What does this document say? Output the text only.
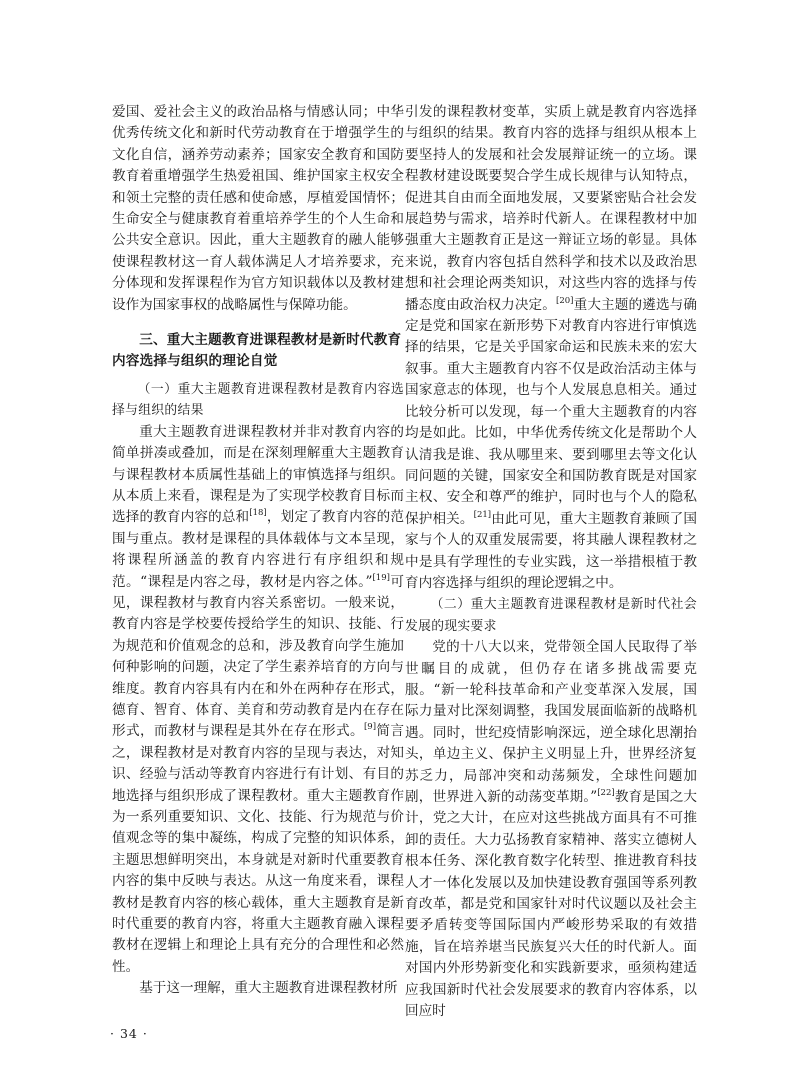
爱国、爱社会主义的政治品格与情感认同；中华优秀传统文化和新时代劳动教育在于增强学生的文化自信，涵养劳动素养；国家安全教育和国防教育着重增强学生热爱祖国、维护国家主权安全和领土完整的责任感和使命感，厚植爱国情怀；生命安全与健康教育着重培养学生的个人生命和公共安全意识。因此，重大主题教育的融人能够使课程教材这一育人载体满足人才培养要求，充分体现和发挥课程作为官方知识载体以及教材建设作为国家事权的战略属性与保障功能。

三、重大主题教育进课程教材是新时代教育内容选择与组织的理论自觉
（一）重大主题教育进课程教材是教育内容选择与组织的结果

重大主题教育进课程教材并非对教育内容的简单拼凑或叠加，而是在深刻理解重大主题教育与课程教材本质属性基础上的审慎选择与组织。从本质上来看，课程是为了实现学校教育目标而选择的教育内容的总和[18]，划定了教育内容的范围与重点。教材是课程的具体载体与文本呈现，将课程所涵盖的教育内容进行有序组织和规范。“课程是内容之母，教材是内容之体。”[19]可见，课程教材与教育内容关系密切。一般来说，教育内容是学校要传授给学生的知识、技能、行为规范和价值观念的总和，涉及教育向学生施加何种影响的问题，决定了学生素养培育的方向与维度。教育内容具有内在和外在两种存在形式，德育、智育、体育、美育和劳动教育是内在存在形式，而教材与课程是其外在存在形式。[9]简言之，课程教材是对教育内容的呈现与表达，对知识、经验与活动等教育内容进行有计划、有目的地选择与组织形成了课程教材。重大主题教育作为一系列重要知识、文化、技能、行为规范与价值观念等的集中凝练，构成了完整的知识体系，主题思想鲜明突出，本身就是对新时代重要教育内容的集中反映与表达。从这一角度来看，课程教材是教育内容的核心载体，重大主题教育是新时代重要的教育内容，将重大主题教育融入课程教材在逻辑上和理论上具有充分的合理性和必然性。

基于这一理解，重大主题教育进课程教材所

引发的课程教材变革，实质上就是教育内容选择与组织的结果。教育内容的选择与组织从根本上要坚持人的发展和社会发展辩证统一的立场。课程教材建设既要契合学生成长规律与认知特点，促进其自由而全面地发展，又要紧密贴合社会发展趋势与需求，培养时代新人。在课程教材中加强重大主题教育正是这一辩证立场的彰显。具体来说，教育内容包括自然科学和技术以及政治思想和社会理论两类知识，对这些内容的选择与传播态度由政治权力决定。[20]重大主题的遴选与确定是党和国家在新形势下对教育内容进行审慎选择的结果，它是关乎国家命运和民族未来的宏大叙事。重大主题教育内容不仅是政治活动主体与国家意志的体现，也与个人发展息息相关。通过比较分析可以发现，每一个重大主题教育的内容均是如此。比如，中华优秀传统文化是帮助个人认清我是谁、我从哪里来、要到哪里去等文化认同问题的关键，国家安全和国防教育既是对国家主权、安全和尊严的维护，同时也与个人的隐私保护相关。[21]由此可见，重大主题教育兼顾了国家与个人的双重发展需要，将其融人课程教材之中是具有学理性的专业实践，这一举措根植于教育内容选择与组织的理论逻辑之中。

（二）重大主题教育进课程教材是新时代社会发展的现实要求

党的十八大以来，党带领全国人民取得了举世瞩目的成就，但仍存在诸多挑战需要克服。“新一轮科技革命和产业变革深入发展，国际力量对比深刻调整，我国发展面临新的战略机遇。同时，世纪疫情影响深远，逆全球化思潮抬头，单边主义、保护主义明显上升，世界经济复苏乏力，局部冲突和动荡频发，全球性问题加剧，世界进入新的动荡变革期。”[22]教育是国之大计，党之大计，在应对这些挑战方面具有不可推卸的责任。大力弘扬教育家精神、落实立德树人根本任务、深化教育数字化转型、推进教育科技人才一体化发展以及加快建设教育强国等系列教育改革，都是党和国家针对时代议题以及社会主要矛盾转变等国际国内严峻形势采取的有效措施，旨在培养堪当民族复兴大任的时代新人。面对国内外形势新变化和实践新要求，亟须构建适应我国新时代社会发展要求的教育内容体系，以回应时

· 34 ·
